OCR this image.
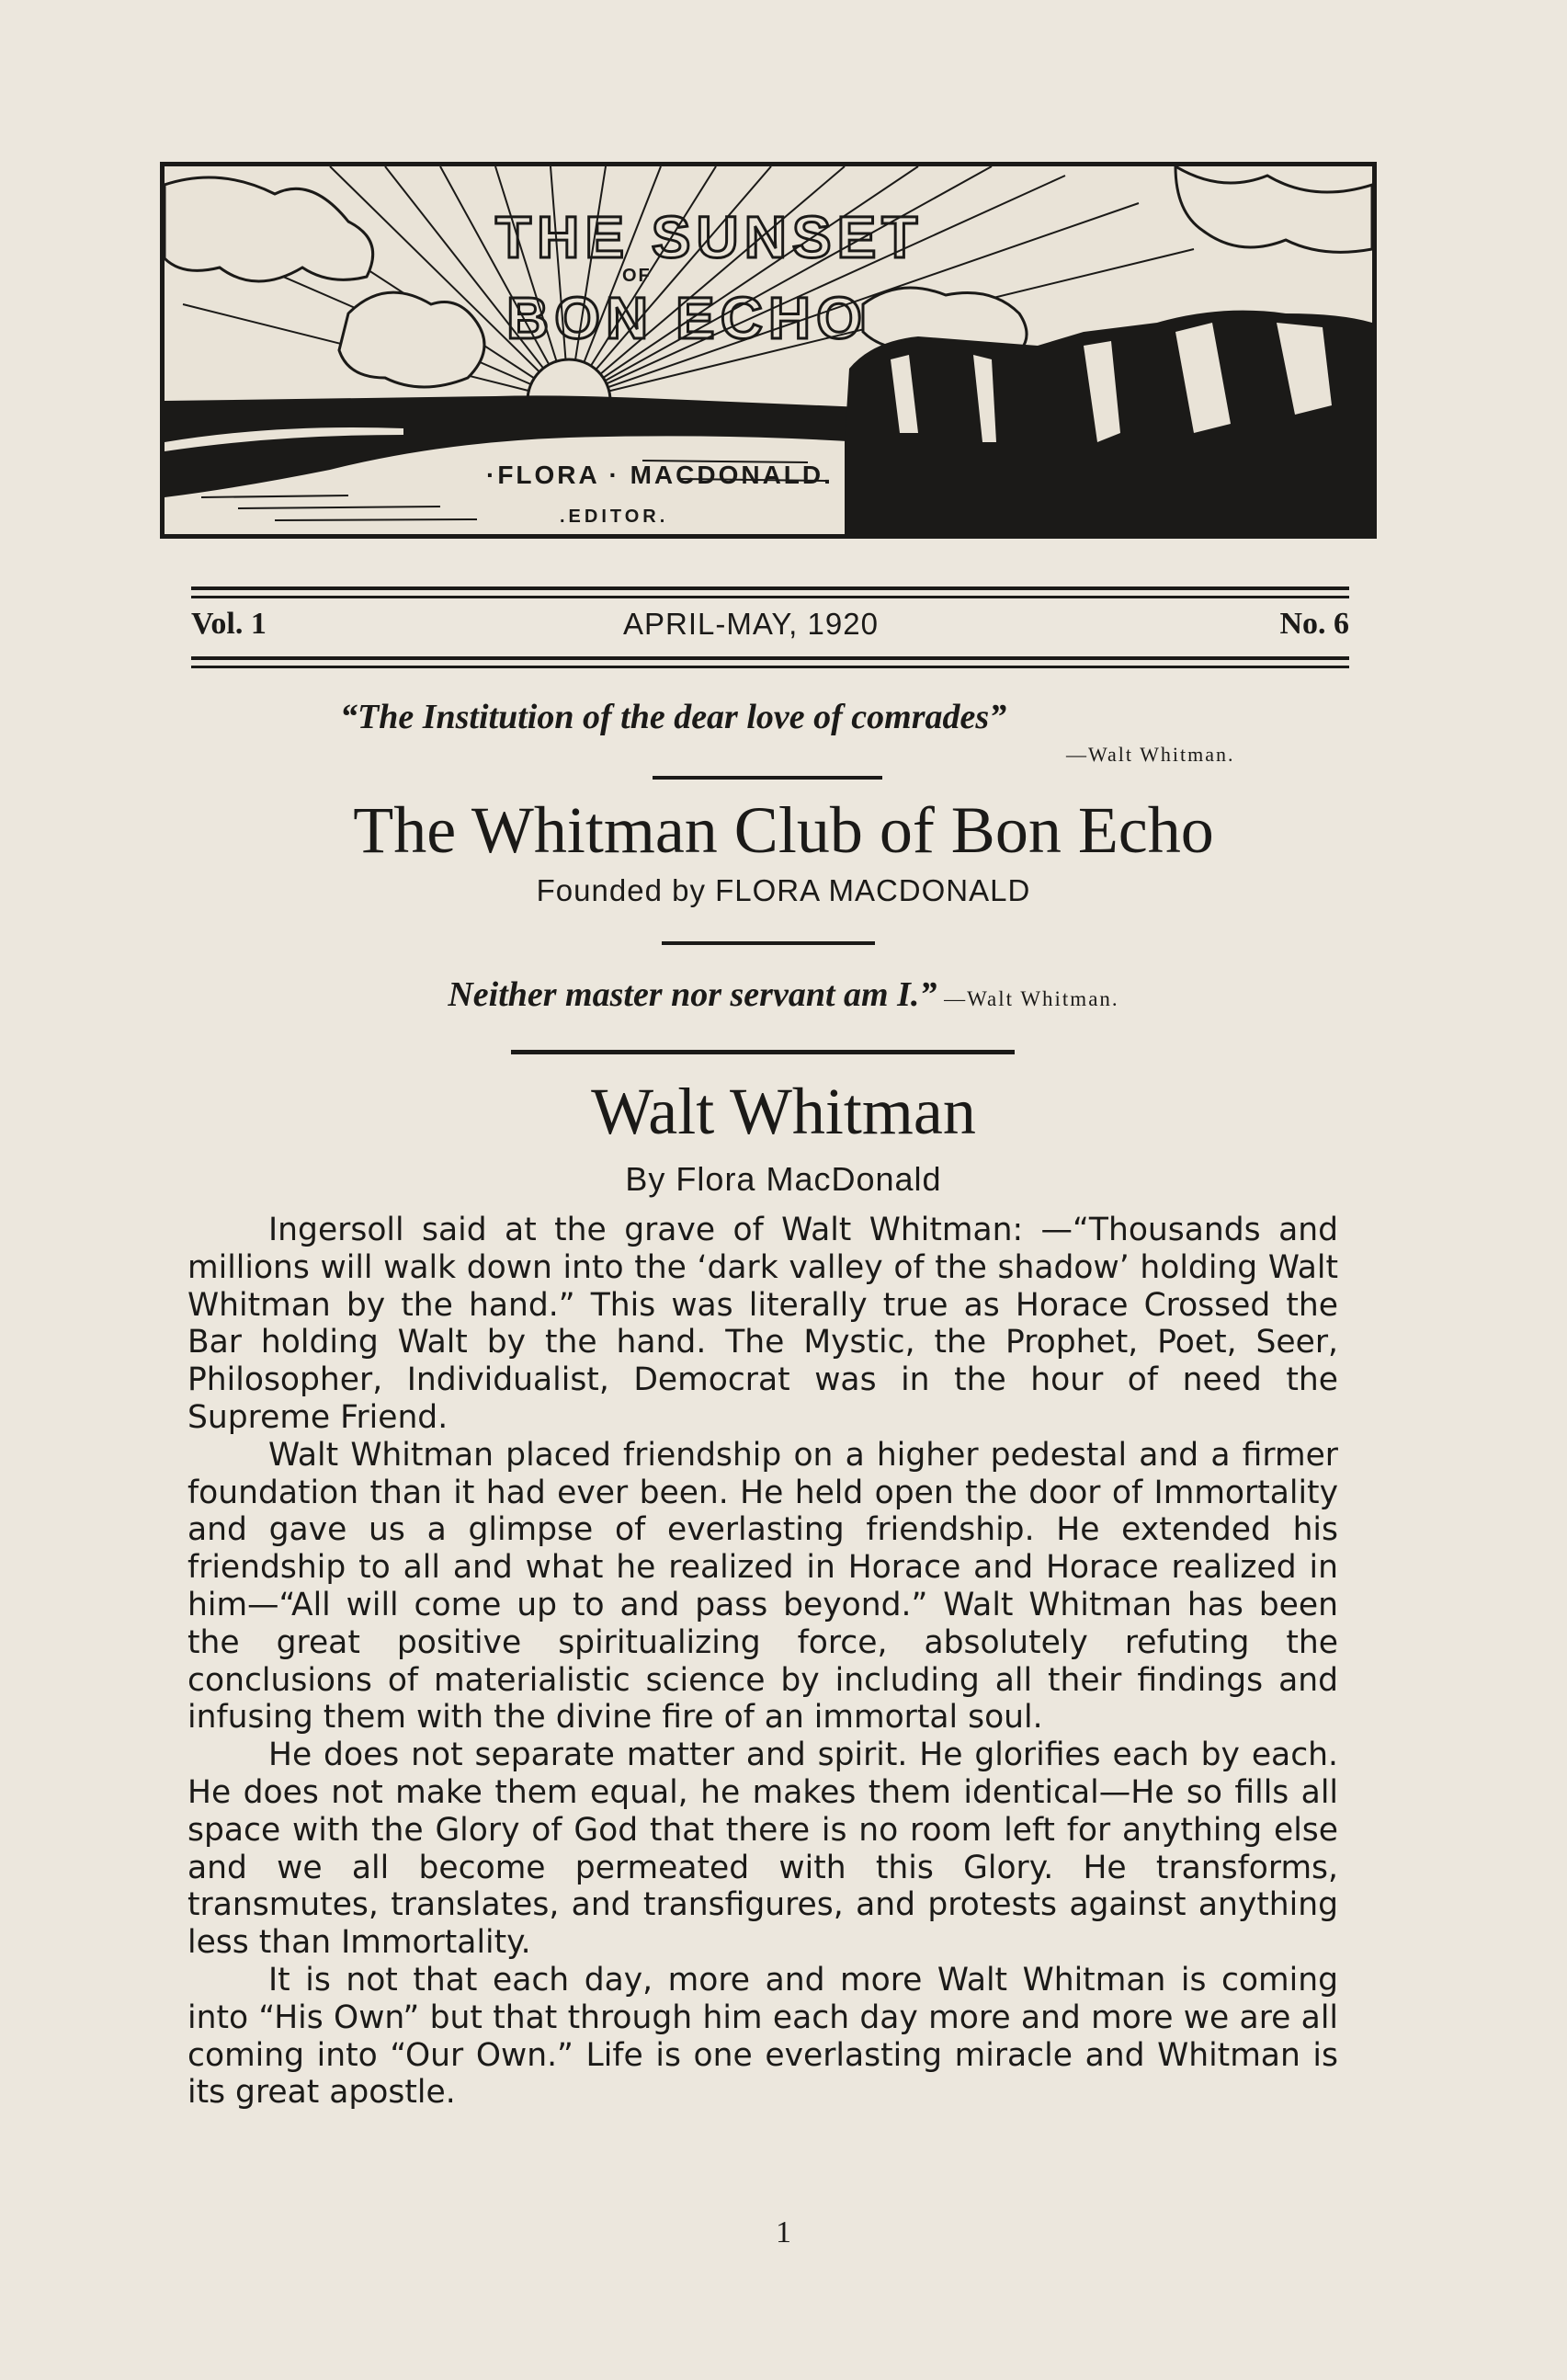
THE SUNSET
OF
BON ECHO
·FLORA · MACDONALD.
.EDITOR.
Vol. 1	APRIL-MAY, 1920	No. 6
“The Institution of the dear love of comrades”
—Walt Whitman.
The Whitman Club of Bon Echo
Founded by FLORA MACDONALD
Neither master nor servant am I.” —Walt Whitman.
Walt Whitman
By Flora MacDonald

Ingersoll said at the grave of Walt Whitman: —“Thousands and millions will walk down into the ‘dark valley of the shadow’ holding Walt Whitman by the hand.” This was literally true as Horace Crossed the Bar holding Walt by the hand. The Mystic, the Prophet, Poet, Seer, Philosopher, Individualist, Democrat was in the hour of need the Supreme Friend.

Walt Whitman placed friendship on a higher pedestal and a firmer foundation than it had ever been. He held open the door of Immortality and gave us a glimpse of everlasting friendship. He extended his friendship to all and what he realized in Horace and Horace realized in him—“All will come up to and pass beyond.” Walt Whitman has been the great positive spiritualizing force, absolutely refuting the conclusions of materialistic science by including all their findings and infusing them with the divine fire of an immortal soul.

He does not separate matter and spirit. He glorifies each by each. He does not make them equal, he makes them identical—He so fills all space with the Glory of God that there is no room left for anything else and we all become permeated with this Glory. He transforms, transmutes, translates, and transfigures, and protests against anything less than Immortality.

It is not that each day, more and more Walt Whitman is coming into “His Own” but that through him each day more and more we are all coming into “Our Own.” Life is one everlasting miracle and Whitman is its great apostle.

1
